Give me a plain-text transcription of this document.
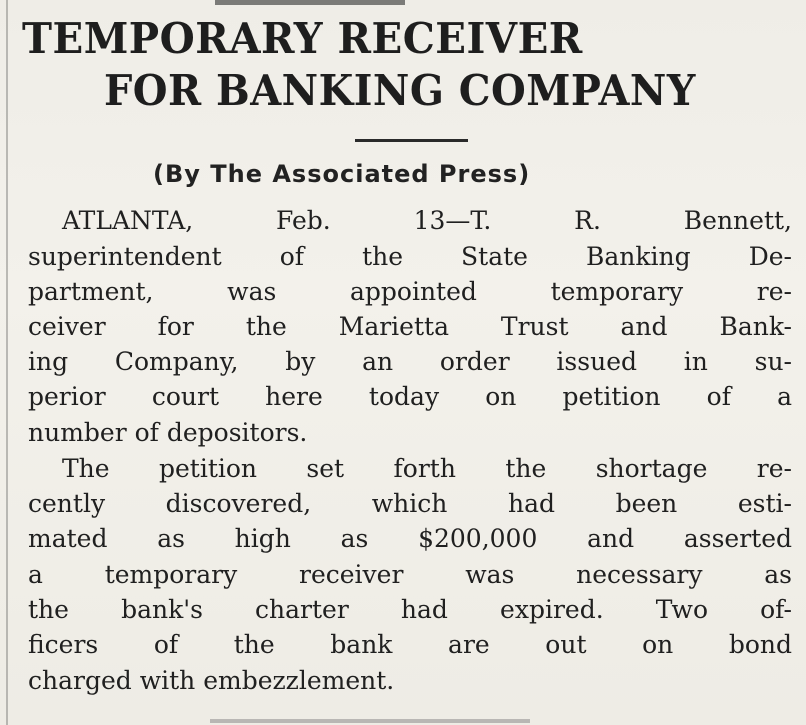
TEMPORARY RECEIVER
FOR BANKING COMPANY
(By The Associated Press)
ATLANTA, Feb. 13—T. R. Bennett,
superintendent of the State Banking De-
partment, was appointed temporary re-
ceiver for the Marietta Trust and Bank-
ing Company, by an order issued in su-
perior court here today on petition of a
number of depositors.
The petition set forth the shortage re-
cently discovered, which had been esti-
mated as high as $200,000 and asserted
a temporary receiver was necessary as
the bank's charter had expired. Two of-
ficers of the bank are out on bond
charged with embezzlement.
